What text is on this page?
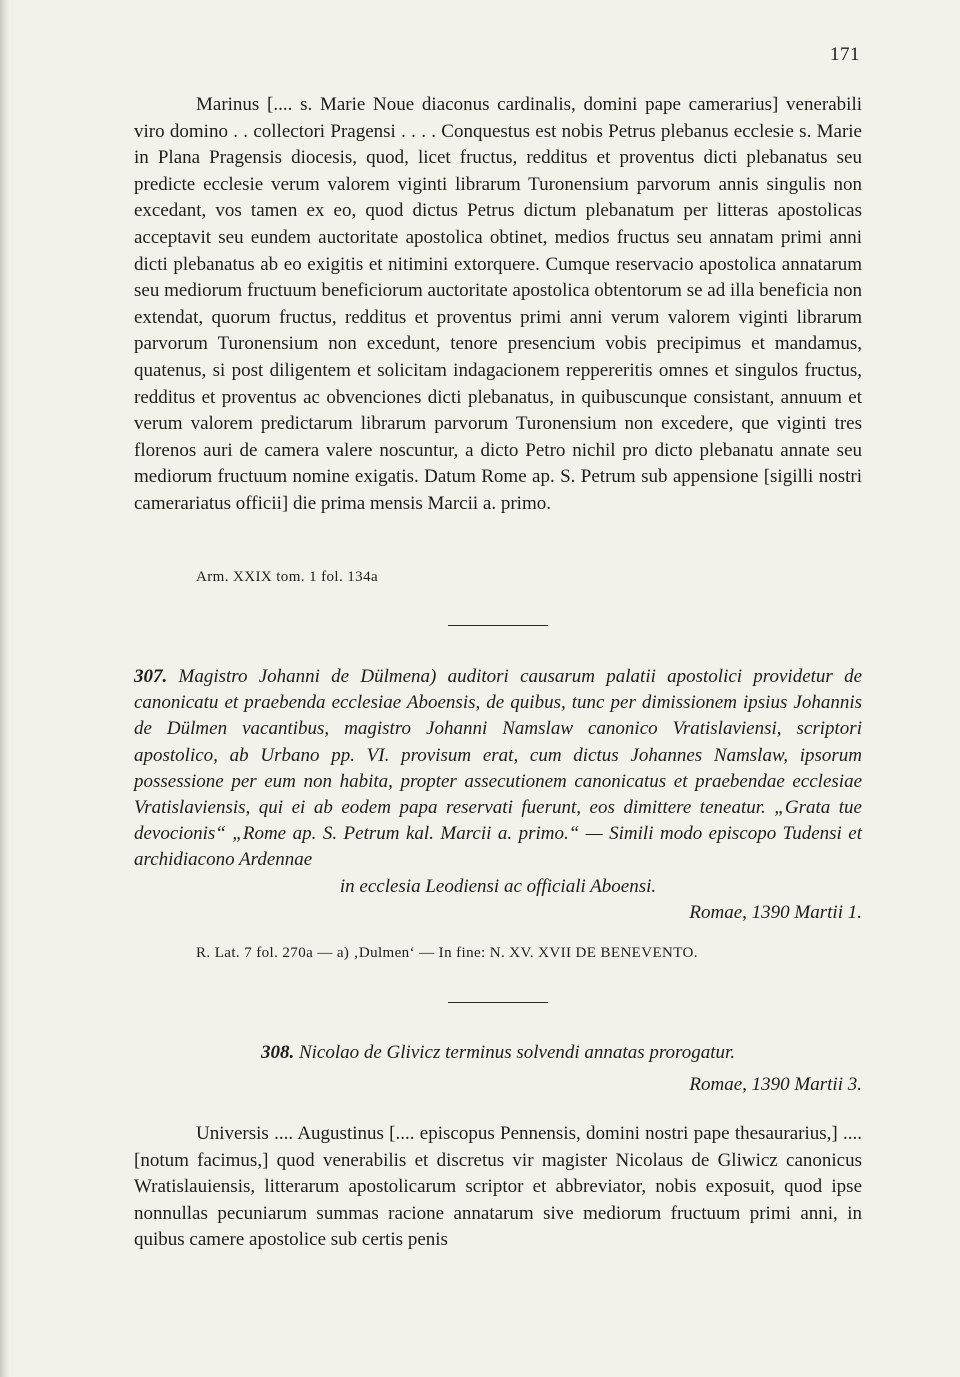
171
Marinus [.... s. Marie Noue diaconus cardinalis, domini pape camerarius] venerabili viro domino . . collectori Pragensi . . . . Conquestus est nobis Petrus plebanus ecclesie s. Marie in Plana Pragensis diocesis, quod, licet fructus, redditus et proventus dicti plebanatus seu predicte ecclesie verum valorem viginti librarum Turonensium parvorum annis singulis non excedant, vos tamen ex eo, quod dictus Petrus dictum plebanatum per litteras apostolicas acceptavit seu eundem auctoritate apostolica obtinet, medios fructus seu annatam primi anni dicti plebanatus ab eo exigitis et nitimini extorquere. Cumque reservacio apostolica annatarum seu mediorum fructuum beneficiorum auctoritate apostolica obtentorum se ad illa beneficia non extendat, quorum fructus, redditus et proventus primi anni verum valorem viginti librarum parvorum Turonensium non excedunt, tenore presencium vobis precipimus et mandamus, quatenus, si post diligentem et solicitam indagacionem reppereritis omnes et singulos fructus, redditus et proventus ac obvenciones dicti plebanatus, in quibuscunque consistant, annuum et verum valorem predictarum librarum parvorum Turonensium non excedere, que viginti tres florenos auri de camera valere noscuntur, a dicto Petro nichil pro dicto plebanatu annate seu mediorum fructuum nomine exigatis. Datum Rome ap. S. Petrum sub appensione [sigilli nostri camerariatus officii] die prima mensis Marcii a. primo.
Arm. XXIX tom. 1 fol. 134a
307. Magistro Johanni de Dülmena) auditori causarum palatii apostolici providetur de canonicatu et praebenda ecclesiae Aboensis, de quibus, tunc per dimissionem ipsius Johannis de Dülmen vacantibus, magistro Johanni Namslaw canonico Vratislaviensi, scriptori apostolico, ab Urbano pp. VI. provisum erat, cum dictus Johannes Namslaw, ipsorum possessione per eum non habita, propter assecutionem canonicatus et praebendae ecclesiae Vratislaviensis, qui ei ab eodem papa reservati fuerunt, eos dimittere teneatur. „Grata tue devocionis“ „Rome ap. S. Petrum kal. Marcii a. primo.“ — Simili modo episcopo Tudensi et archidiacono Ardennae
in ecclesia Leodiensi ac officiali Aboensi.
Romae, 1390 Martii 1.
R. Lat. 7 fol. 270a — a) ‚Dulmen‘ — In fine: N. XV. XVII DE BENEVENTO.
308. Nicolao de Glivicz terminus solvendi annatas prorogatur.
Romae, 1390 Martii 3.
Universis .... Augustinus [.... episcopus Pennensis, domini nostri pape thesaurarius,] .... [notum facimus,] quod venerabilis et discretus vir magister Nicolaus de Gliwicz canonicus Wratislauiensis, litterarum apostolicarum scriptor et abbreviator, nobis exposuit, quod ipse nonnullas pecuniarum summas racione annatarum sive mediorum fructuum primi anni, in quibus camere apostolice sub certis penis
